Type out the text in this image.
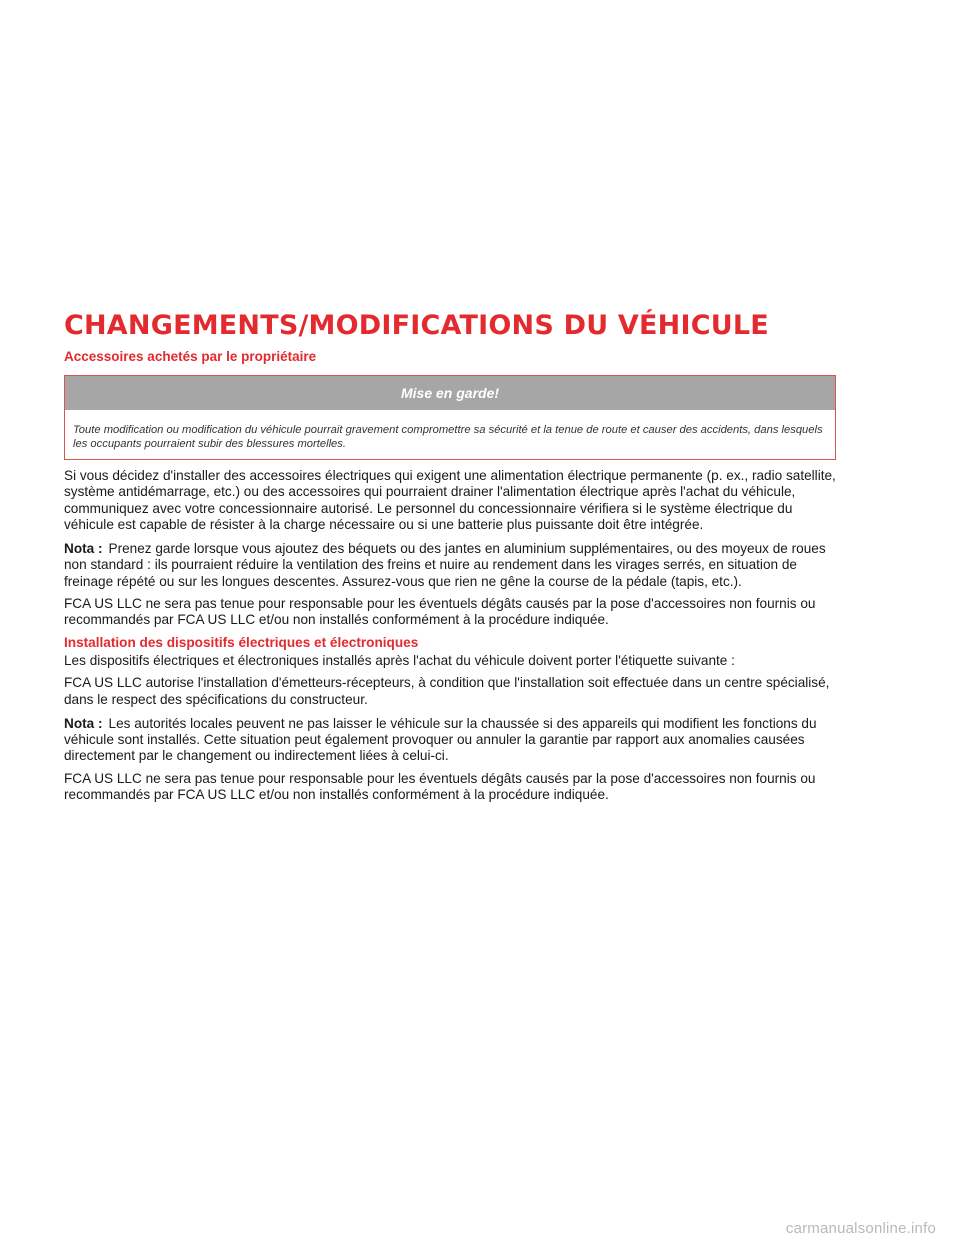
CHANGEMENTS/MODIFICATIONS DU VÉHICULE
Accessoires achetés par le propriétaire
Mise en garde!
Toute modification ou modification du véhicule pourrait gravement compromettre sa sécurité et la tenue de route et causer des accidents, dans lesquels les occupants pourraient subir des blessures mortelles.

Si vous décidez d'installer des accessoires électriques qui exigent une alimentation électrique permanente (p. ex., radio satellite, système antidémarrage, etc.) ou des accessoires qui pourraient drainer l'alimentation électrique après l'achat du véhicule, communiquez avec votre concessionnaire autorisé. Le personnel du concessionnaire vérifiera si le système électrique du véhicule est capable de résister à la charge nécessaire ou si une batterie plus puissante doit être intégrée.

Nota : Prenez garde lorsque vous ajoutez des béquets ou des jantes en aluminium supplémentaires, ou des moyeux de roues non standard : ils pourraient réduire la ventilation des freins et nuire au rendement dans les virages serrés, en situation de freinage répété ou sur les longues descentes. Assurez-vous que rien ne gêne la course de la pédale (tapis, etc.).

FCA US LLC ne sera pas tenue pour responsable pour les éventuels dégâts causés par la pose d'accessoires non fournis ou recommandés par FCA US LLC et/ou non installés conformément à la procédure indiquée.

Installation des dispositifs électriques et électroniques

Les dispositifs électriques et électroniques installés après l'achat du véhicule doivent porter l'étiquette suivante :

FCA US LLC autorise l'installation d'émetteurs-récepteurs, à condition que l'installation soit effectuée dans un centre spécialisé, dans le respect des spécifications du constructeur.

Nota : Les autorités locales peuvent ne pas laisser le véhicule sur la chaussée si des appareils qui modifient les fonctions du véhicule sont installés. Cette situation peut également provoquer ou annuler la garantie par rapport aux anomalies causées directement par le changement ou indirectement liées à celui-ci.

FCA US LLC ne sera pas tenue pour responsable pour les éventuels dégâts causés par la pose d'accessoires non fournis ou recommandés par FCA US LLC et/ou non installés conformément à la procédure indiquée.

carmanualsonline.info
